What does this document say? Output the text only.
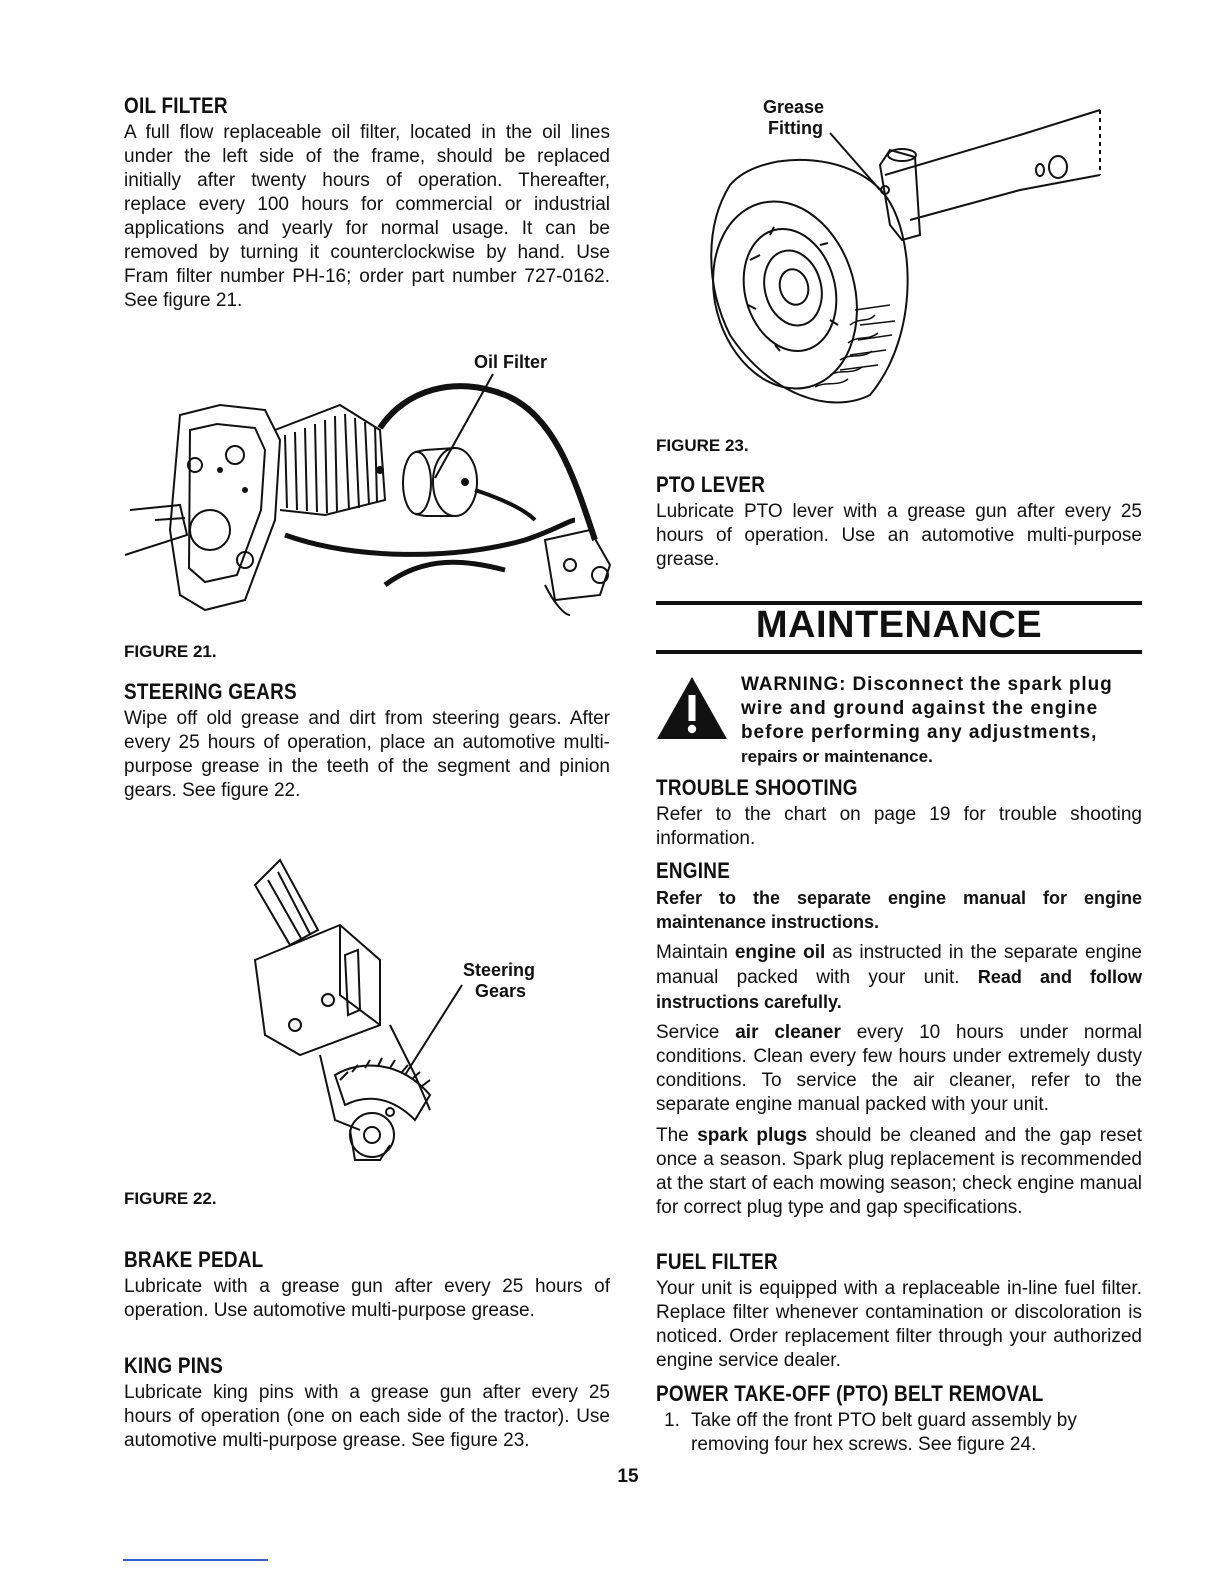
OIL FILTER
A full flow replaceable oil filter, located in the oil lines under the left side of the frame, should be replaced initially after twenty hours of operation. Thereafter, replace every 100 hours for commercial or industrial applications and yearly for normal usage. It can be removed by turning it counterclockwise by hand. Use Fram filter number PH-16; order part number 727-0162. See figure 21.
Oil Filter
FIGURE 21.
STEERING GEARS
Wipe off old grease and dirt from steering gears. After every 25 hours of operation, place an automotive multi-purpose grease in the teeth of the segment and pinion gears. See figure 22.
Steering
Gears
FIGURE 22.
BRAKE PEDAL
Lubricate with a grease gun after every 25 hours of operation. Use automotive multi-purpose grease.
KING PINS
Lubricate king pins with a grease gun after every 25 hours of operation (one on each side of the tractor). Use automotive multi-purpose grease. See figure 23.
Grease
Fitting
FIGURE 23.
PTO LEVER
Lubricate PTO lever with a grease gun after every 25 hours of operation. Use an automotive multi-purpose grease.
MAINTENANCE
WARNING: Disconnect the spark plug
wire and ground against the engine
before performing any adjustments,
repairs or maintenance.
TROUBLE SHOOTING
Refer to the chart on page 19 for trouble shooting information.
ENGINE
Refer to the separate engine manual for engine maintenance instructions.
Maintain engine oil as instructed in the separate engine manual packed with your unit. Read and follow instructions carefully.
Service air cleaner every 10 hours under normal conditions. Clean every few hours under extremely dusty conditions. To service the air cleaner, refer to the separate engine manual packed with your unit.
The spark plugs should be cleaned and the gap reset once a season. Spark plug replacement is recommended at the start of each mowing season; check engine manual for correct plug type and gap specifications.
FUEL FILTER
Your unit is equipped with a replaceable in-line fuel filter. Replace filter whenever contamination or discoloration is noticed. Order replacement filter through your authorized engine service dealer.
POWER TAKE-OFF (PTO) BELT REMOVAL
1. Take off the front PTO belt guard assembly by
removing four hex screws. See figure 24.
15
